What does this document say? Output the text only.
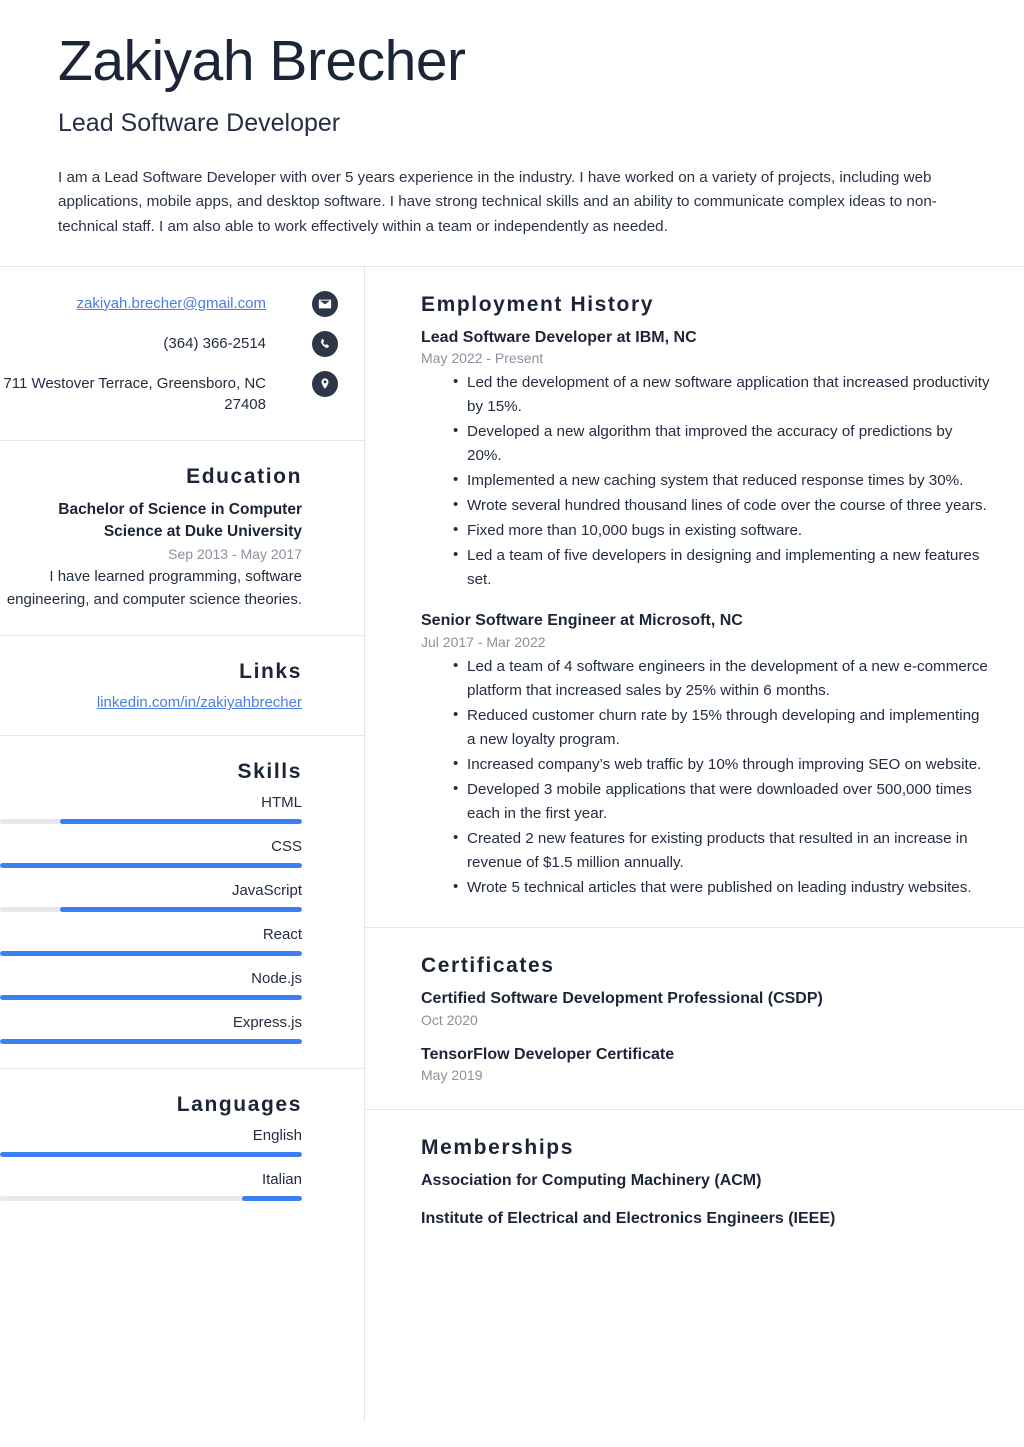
Zakiyah Brecher
Lead Software Developer

I am a Lead Software Developer with over 5 years experience in the industry. I have worked on a variety of projects, including web applications, mobile apps, and desktop software. I have strong technical skills and an ability to communicate complex ideas to non-technical staff. I am also able to work effectively within a team or independently as needed.

zakiyah.brecher@gmail.com
(364) 366-2514
711 Westover Terrace, Greensboro, NC 27408
Education
Bachelor of Science in Computer Science at Duke University
Sep 2013 - May 2017
I have learned programming, software engineering, and computer science theories.
Links
linkedin.com/in/zakiyahbrecher
Skills
HTML
CSS
JavaScript
React
Node.js
Express.js
Languages
English
Italian
Employment History
Lead Software Developer at IBM, NC
May 2022 - Present
• Led the development of a new software application that increased productivity by 15%.
• Developed a new algorithm that improved the accuracy of predictions by 20%.
• Implemented a new caching system that reduced response times by 30%.
• Wrote several hundred thousand lines of code over the course of three years.
• Fixed more than 10,000 bugs in existing software.
• Led a team of five developers in designing and implementing a new features set.
Senior Software Engineer at Microsoft, NC
Jul 2017 - Mar 2022
• Led a team of 4 software engineers in the development of a new e-commerce platform that increased sales by 25% within 6 months.
• Reduced customer churn rate by 15% through developing and implementing a new loyalty program.
• Increased company’s web traffic by 10% through improving SEO on website.
• Developed 3 mobile applications that were downloaded over 500,000 times each in the first year.
• Created 2 new features for existing products that resulted in an increase in revenue of $1.5 million annually.
• Wrote 5 technical articles that were published on leading industry websites.
Certificates
Certified Software Development Professional (CSDP)
Oct 2020
TensorFlow Developer Certificate
May 2019
Memberships
Association for Computing Machinery (ACM)
Institute of Electrical and Electronics Engineers (IEEE)
